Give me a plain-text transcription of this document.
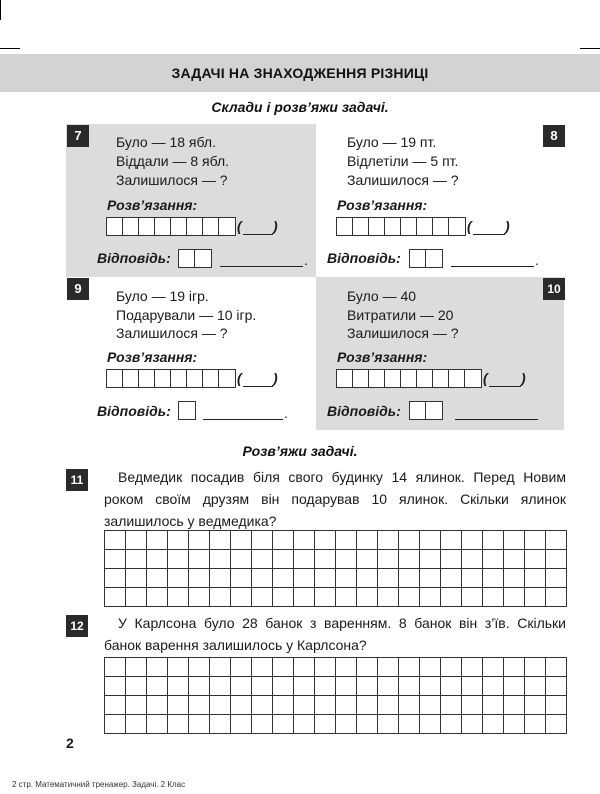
ЗАДАЧІ НА ЗНАХОДЖЕННЯ РІЗНИЦІ
Склади і розв’яжи задачі.
7	Було — 18 ябл.
Віддали — 8 ябл.
Залишилося — ?
Розв’язання:
( )
Відповідь:	.
8
Було — 19 пт.
Відлетіли — 5 пт.
Залишилося — ?
Розв’язання:
( )
Відповідь:	.
9	Було — 19 ігр.
Подарували — 10 ігр.
Залишилося — ?
Розв’язання:
( )
Відповідь:	.
10
Було — 40
Витратили — 20
Залишилося — ?
Розв’язання:
( )
Відповідь:
Розв’яжи задачі.
11	Ведмедик посадив біля свого будинку 14 ялинок. Перед Новим роком своїм друзям він подарував 10 ялинок. Скільки ялинок залишилось у ведмедика?
12	У Карлсона було 28 банок з варенням. 8 банок він з’їв. Скільки банок варення залишилось у Карлсона?
2
2 стр. Математичний тренажер. Задачі. 2 Клас
